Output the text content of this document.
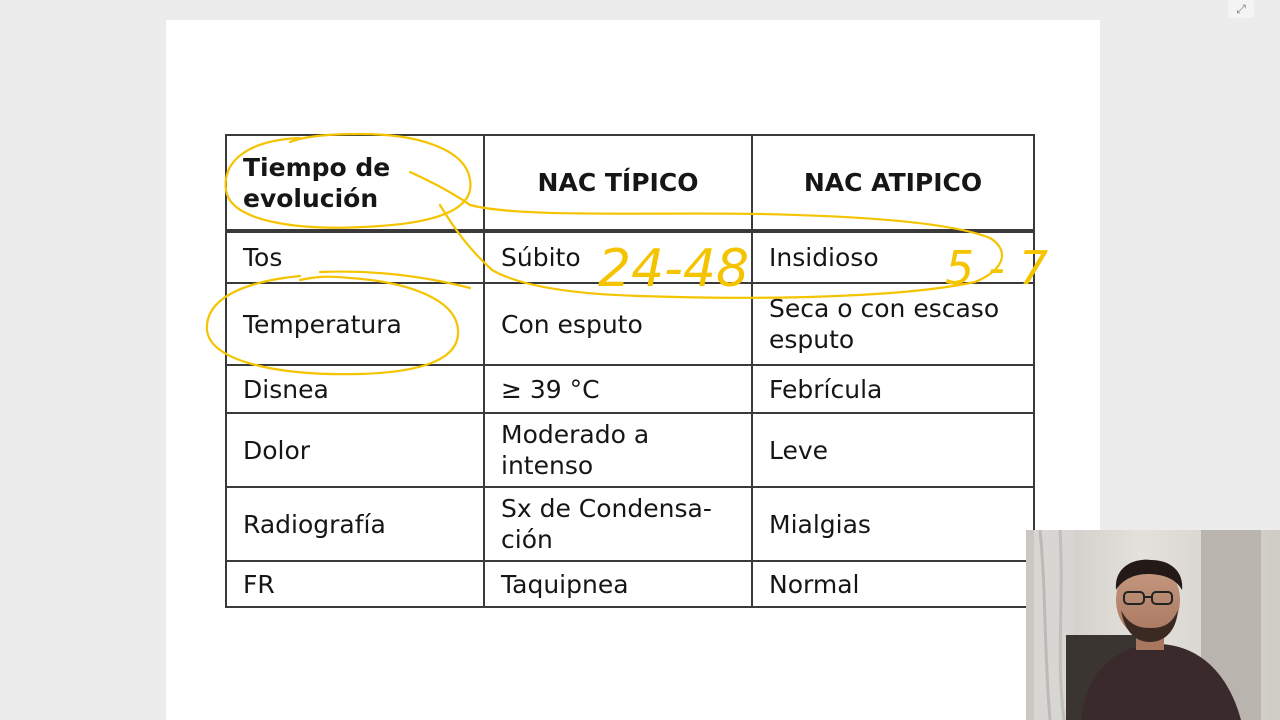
Tiempo de evolución	NAC TÍPICO	NAC ATIPICO
Tos	Súbito	Insidioso
Temperatura	Con esputo	Seca o con escaso esputo
Disnea	≥ 39 °C	Febrícula
Dolor	Moderado a intenso	Leve
Radiografía	Sx de Condensa-ción	Mialgias
FR	Taquipnea	Normal
24-48	5-7
⤢
